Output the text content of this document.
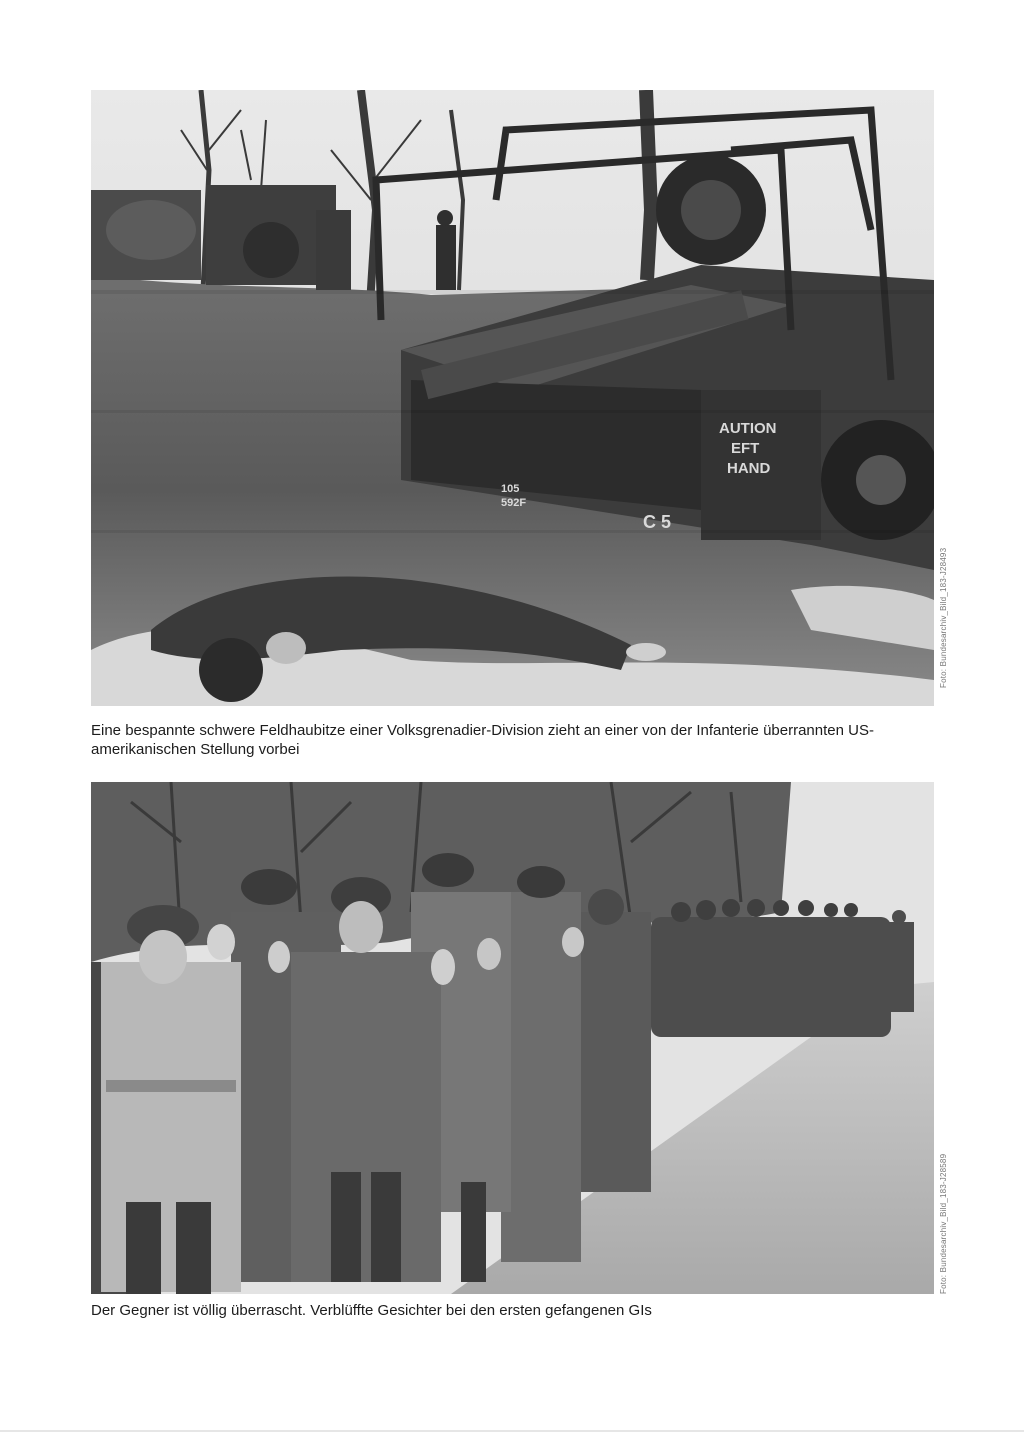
AUTION
EFT
HAND
C 5
105
592F
Foto: Bundesarchiv_Bild_183-J28493
Eine bespannte schwere Feldhaubitze einer Volksgrenadier-Division zieht an einer von der Infanterie überrannten US-amerikanischen Stellung vorbei
Foto: Bundesarchiv_Bild_183-J28589
Der Gegner ist völlig überrascht. Verblüffte Gesichter bei den ersten gefangenen GIs
